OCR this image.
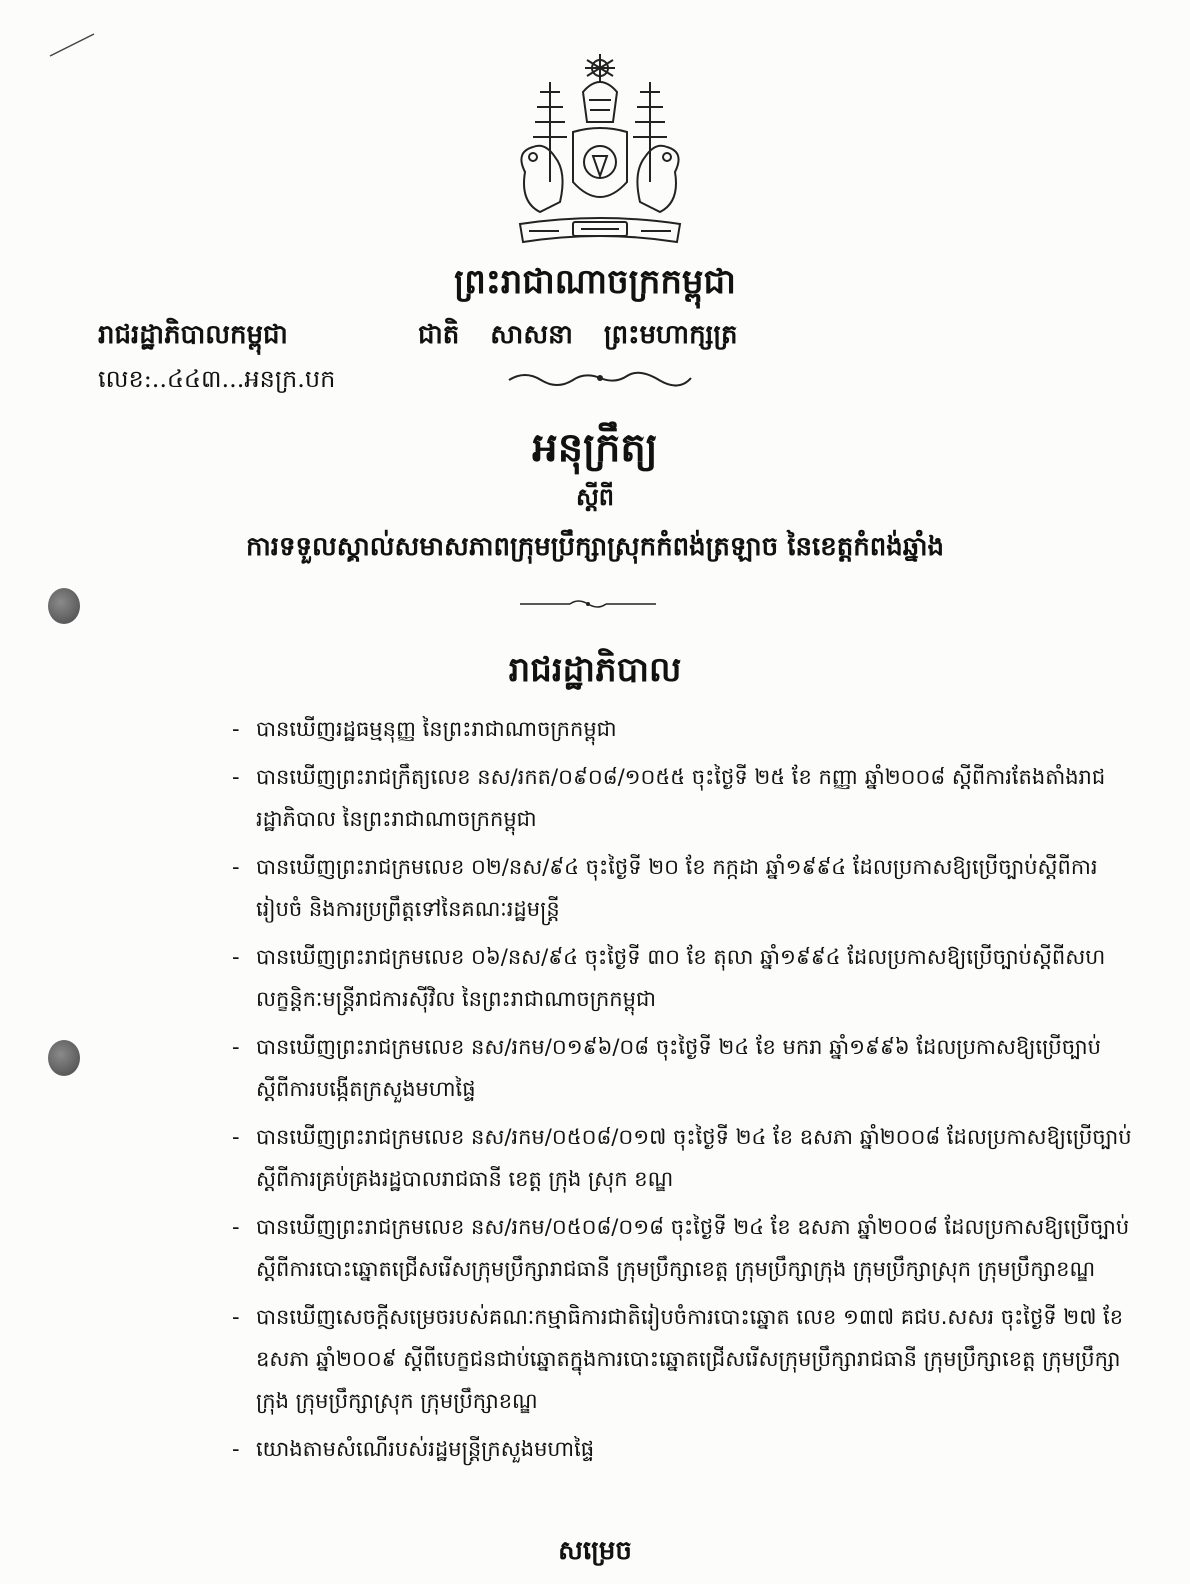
ព្រះរាជាណាចក្រកម្ពុជា
រាជរដ្ឋាភិបាលកម្ពុជា	ជាតិ សាសនា ព្រះមហាក្សត្រ
លេខ:..៤៤៣...អនក្រ.បក
អនុក្រឹត្យ
ស្តីពី
ការទទួលស្គាល់សមាសភាពក្រុមប្រឹក្សាស្រុកកំពង់ត្រឡាច នៃខេត្តកំពង់ឆ្នាំង
រាជរដ្ឋាភិបាល
- បានឃើញរដ្ឋធម្មនុញ្ញ នៃព្រះរាជាណាចក្រកម្ពុជា
- បានឃើញព្រះរាជក្រឹត្យលេខ នស/រកត/០៩០៨/១០៥៥ ចុះថ្ងៃទី ២៥ ខែ កញ្ញា ឆ្នាំ២០០៨ ស្តីពីការតែងតាំងរាជរដ្ឋាភិបាល នៃព្រះរាជាណាចក្រកម្ពុជា
- បានឃើញព្រះរាជក្រមលេខ ០២/នស/៩៤ ចុះថ្ងៃទី ២០ ខែ កក្កដា ឆ្នាំ១៩៩៤ ដែលប្រកាសឱ្យប្រើច្បាប់ស្តីពីការរៀបចំ និងការប្រព្រឹត្តទៅនៃគណៈរដ្ឋមន្ត្រី
- បានឃើញព្រះរាជក្រមលេខ ០៦/នស/៩៤ ចុះថ្ងៃទី ៣០ ខែ តុលា ឆ្នាំ១៩៩៤ ដែលប្រកាសឱ្យប្រើច្បាប់ស្តីពីសហលក្ខន្តិកៈមន្ត្រីរាជការស៊ីវិល នៃព្រះរាជាណាចក្រកម្ពុជា
- បានឃើញព្រះរាជក្រមលេខ នស/រកម/០១៩៦/០៨ ចុះថ្ងៃទី ២៤ ខែ មករា ឆ្នាំ១៩៩៦ ដែលប្រកាសឱ្យប្រើច្បាប់ស្តីពីការបង្កើតក្រសួងមហាផ្ទៃ
- បានឃើញព្រះរាជក្រមលេខ នស/រកម/០៥០៨/០១៧ ចុះថ្ងៃទី ២៤ ខែ ឧសភា ឆ្នាំ២០០៨ ដែលប្រកាសឱ្យប្រើច្បាប់ស្តីពីការគ្រប់គ្រងរដ្ឋបាលរាជធានី ខេត្ត ក្រុង ស្រុក ខណ្ឌ
- បានឃើញព្រះរាជក្រមលេខ នស/រកម/០៥០៨/០១៨ ចុះថ្ងៃទី ២៤ ខែ ឧសភា ឆ្នាំ២០០៨ ដែលប្រកាសឱ្យប្រើច្បាប់ស្តីពីការបោះឆ្នោតជ្រើសរើសក្រុមប្រឹក្សារាជធានី ក្រុមប្រឹក្សាខេត្ត ក្រុមប្រឹក្សាក្រុង ក្រុមប្រឹក្សាស្រុក ក្រុមប្រឹក្សាខណ្ឌ
- បានឃើញសេចក្តីសម្រេចរបស់គណៈកម្មាធិការជាតិរៀបចំការបោះឆ្នោត លេខ ១៣៧ គជប.សសរ ចុះថ្ងៃទី ២៧ ខែ ឧសភា ឆ្នាំ២០០៩ ស្តីពីបេក្ខជនជាប់ឆ្នោតក្នុងការបោះឆ្នោតជ្រើសរើសក្រុមប្រឹក្សារាជធានី ក្រុមប្រឹក្សាខេត្ត ក្រុមប្រឹក្សាក្រុង ក្រុមប្រឹក្សាស្រុក ក្រុមប្រឹក្សាខណ្ឌ
- យោងតាមសំណើរបស់រដ្ឋមន្ត្រីក្រសួងមហាផ្ទៃ
សម្រេច
